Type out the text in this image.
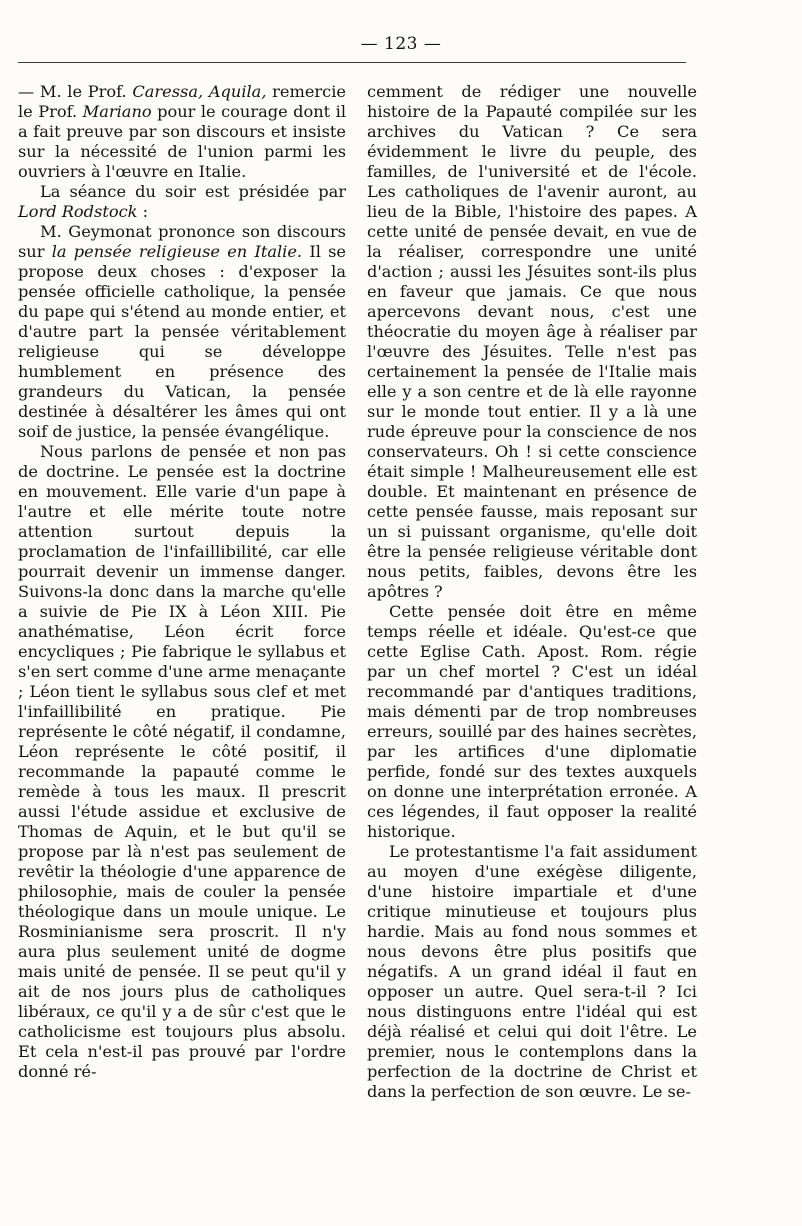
— 123 —

— M. le Prof. Caressa, Aquila, remercie le Prof. Mariano pour le courage dont il a fait preuve par son discours et insiste sur la nécessité de l'union parmi les ouvriers à l'œuvre en Italie.

La séance du soir est présidée par Lord Rodstock :

M. Geymonat prononce son discours sur la pensée religieuse en Italie. Il se propose deux choses : d'exposer la pensée officielle catholique, la pensée du pape qui s'étend au monde entier, et d'autre part la pensée véritablement religieuse qui se développe humblement en présence des grandeurs du Vatican, la pensée destinée à désaltérer les âmes qui ont soif de justice, la pensée évangélique.

Nous parlons de pensée et non pas de doctrine. Le pensée est la doctrine en mouvement. Elle varie d'un pape à l'autre et elle mérite toute notre attention surtout depuis la proclamation de l'infaillibilité, car elle pourrait devenir un immense danger. Suivons-la donc dans la marche qu'elle a suivie de Pie IX à Léon XIII. Pie anathématise, Léon écrit force encycliques ; Pie fabrique le syllabus et s'en sert comme d'une arme menaçante ; Léon tient le syllabus sous clef et met l'infaillibilité en pratique. Pie représente le côté négatif, il condamne, Léon représente le côté positif, il recommande la papauté comme le remède à tous les maux. Il prescrit aussi l'étude assidue et exclusive de Thomas de Aquin, et le but qu'il se propose par là n'est pas seulement de revêtir la théologie d'une apparence de philosophie, mais de couler la pensée théologique dans un moule unique. Le Rosminianisme sera proscrit. Il n'y aura plus seulement unité de dogme mais unité de pensée. Il se peut qu'il y ait de nos jours plus de catholiques libéraux, ce qu'il y a de sûr c'est que le catholicisme est toujours plus absolu. Et cela n'est-il pas prouvé par l'ordre donné ré-

cemment de rédiger une nouvelle histoire de la Papauté compilée sur les archives du Vatican ? Ce sera évidemment le livre du peuple, des familles, de l'université et de l'école. Les catholiques de l'avenir auront, au lieu de la Bible, l'histoire des papes. A cette unité de pensée devait, en vue de la réaliser, correspondre une unité d'action ; aussi les Jésuites sont-ils plus en faveur que jamais. Ce que nous apercevons devant nous, c'est une théocratie du moyen âge à réaliser par l'œuvre des Jésuites. Telle n'est pas certainement la pensée de l'Italie mais elle y a son centre et de là elle rayonne sur le monde tout entier. Il y a là une rude épreuve pour la conscience de nos conservateurs. Oh ! si cette conscience était simple ! Malheureusement elle est double. Et maintenant en présence de cette pensée fausse, mais reposant sur un si puissant organisme, qu'elle doit être la pensée religieuse véritable dont nous petits, faibles, devons être les apôtres ?

Cette pensée doit être en même temps réelle et idéale. Qu'est-ce que cette Eglise Cath. Apost. Rom. régie par un chef mortel ? C'est un idéal recommandé par d'antiques traditions, mais démenti par de trop nombreuses erreurs, souillé par des haines secrètes, par les artifices d'une diplomatie perfide, fondé sur des textes auxquels on donne une interprétation erronée. A ces légendes, il faut opposer la realité historique.

Le protestantisme l'a fait assidument au moyen d'une exégèse diligente, d'une histoire impartiale et d'une critique minutieuse et toujours plus hardie. Mais au fond nous sommes et nous devons être plus positifs que négatifs. A un grand idéal il faut en opposer un autre. Quel sera-t-il ? Ici nous distinguons entre l'idéal qui est déjà réalisé et celui qui doit l'être. Le premier, nous le contemplons dans la perfection de la doctrine de Christ et dans la perfection de son œuvre. Le se-
